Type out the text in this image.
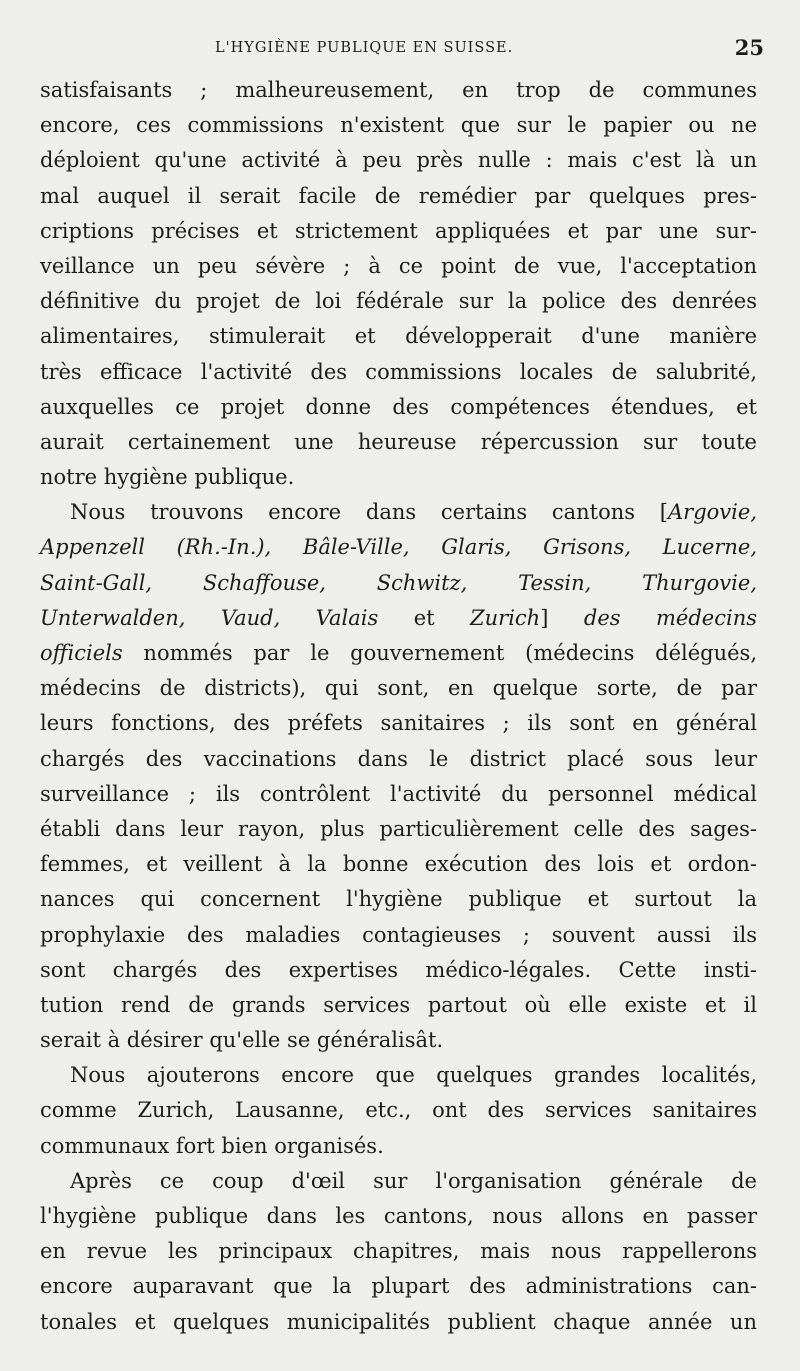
L'HYGIÈNE PUBLIQUE EN SUISSE.	25
satisfaisants ; malheureusement, en trop de communes
encore, ces commissions n'existent que sur le papier ou ne
déploient qu'une activité à peu près nulle : mais c'est là un
mal auquel il serait facile de remédier par quelques pres-
criptions précises et strictement appliquées et par une sur-
veillance un peu sévère ; à ce point de vue, l'acceptation
définitive du projet de loi fédérale sur la police des denrées
alimentaires, stimulerait et développerait d'une manière
très efficace l'activité des commissions locales de salubrité,
auxquelles ce projet donne des compétences étendues, et
aurait certainement une heureuse répercussion sur toute
notre hygiène publique.
Nous trouvons encore dans certains cantons [Argovie,
Appenzell (Rh.-In.), Bâle-Ville, Glaris, Grisons, Lucerne,
Saint-Gall, Schaffouse, Schwitz, Tessin, Thurgovie,
Unterwalden, Vaud, Valais et Zurich] des médecins
officiels nommés par le gouvernement (médecins délégués,
médecins de districts), qui sont, en quelque sorte, de par
leurs fonctions, des préfets sanitaires ; ils sont en général
chargés des vaccinations dans le district placé sous leur
surveillance ; ils contrôlent l'activité du personnel médical
établi dans leur rayon, plus particulièrement celle des sages-
femmes, et veillent à la bonne exécution des lois et ordon-
nances qui concernent l'hygiène publique et surtout la
prophylaxie des maladies contagieuses ; souvent aussi ils
sont chargés des expertises médico-légales. Cette insti-
tution rend de grands services partout où elle existe et il
serait à désirer qu'elle se généralisât.
Nous ajouterons encore que quelques grandes localités,
comme Zurich, Lausanne, etc., ont des services sanitaires
communaux fort bien organisés.
Après ce coup d'œil sur l'organisation générale de
l'hygiène publique dans les cantons, nous allons en passer
en revue les principaux chapitres, mais nous rappellerons
encore auparavant que la plupart des administrations can-
tonales et quelques municipalités publient chaque année un
